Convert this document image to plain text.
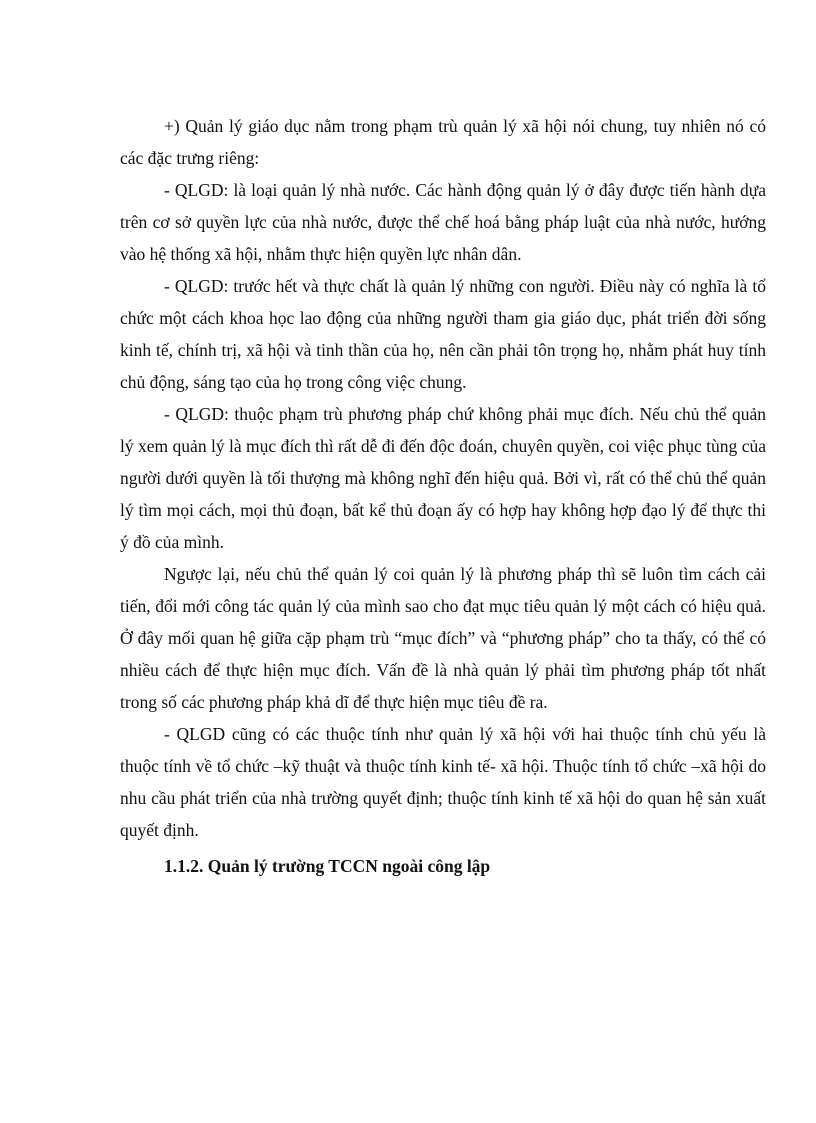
+) Quản lý giáo dục nằm trong phạm trù quản lý xã hội nói chung, tuy nhiên nó có các đặc trưng riêng:

- QLGD: là loại quản lý nhà nước. Các hành động quản lý ở đây được tiến hành dựa trên cơ sở quyền lực của nhà nước, được thể chế hoá bằng pháp luật của nhà nước, hướng vào hệ thống xã hội, nhằm thực hiện quyền lực nhân dân.

- QLGD: trước hết và thực chất là quản lý những con người. Điều này có nghĩa là tổ chức một cách khoa học lao động của những người tham gia giáo dục, phát triển đời sống kinh tế, chính trị, xã hội và tinh thần của họ, nên cần phải tôn trọng họ, nhằm phát huy tính chủ động, sáng tạo của họ trong công việc chung.

- QLGD: thuộc phạm trù phương pháp chứ không phải mục đích. Nếu chủ thể quản lý xem quản lý là mục đích thì rất dễ đi đến độc đoán, chuyên quyền, coi việc phục tùng của người dưới quyền là tối thượng mà không nghĩ đến hiệu quả. Bởi vì, rất có thể chủ thể quản lý tìm mọi cách, mọi thủ đoạn, bất kể thủ đoạn ấy có hợp hay không hợp đạo lý để thực thi ý đồ của mình.

Ngược lại, nếu chủ thể quản lý coi quản lý là phương pháp thì sẽ luôn tìm cách cải tiến, đổi mới công tác quản lý của mình sao cho đạt mục tiêu quản lý một cách có hiệu quả. Ở đây mối quan hệ giữa cặp phạm trù “mục đích” và “phương pháp” cho ta thấy, có thể có nhiều cách để thực hiện mục đích. Vấn đề là nhà quản lý phải tìm phương pháp tốt nhất trong số các phương pháp khả dĩ để thực hiện mục tiêu đề ra.

- QLGD cũng có các thuộc tính như quản lý xã hội với hai thuộc tính chủ yếu là thuộc tính về tổ chức –kỹ thuật và thuộc tính kinh tế- xã hội. Thuộc tính tổ chức –xã hội do nhu cầu phát triển của nhà trường quyết định; thuộc tính kinh tế xã hội do quan hệ sản xuất quyết định.

1.1.2. Quản lý trường TCCN ngoài công lập
